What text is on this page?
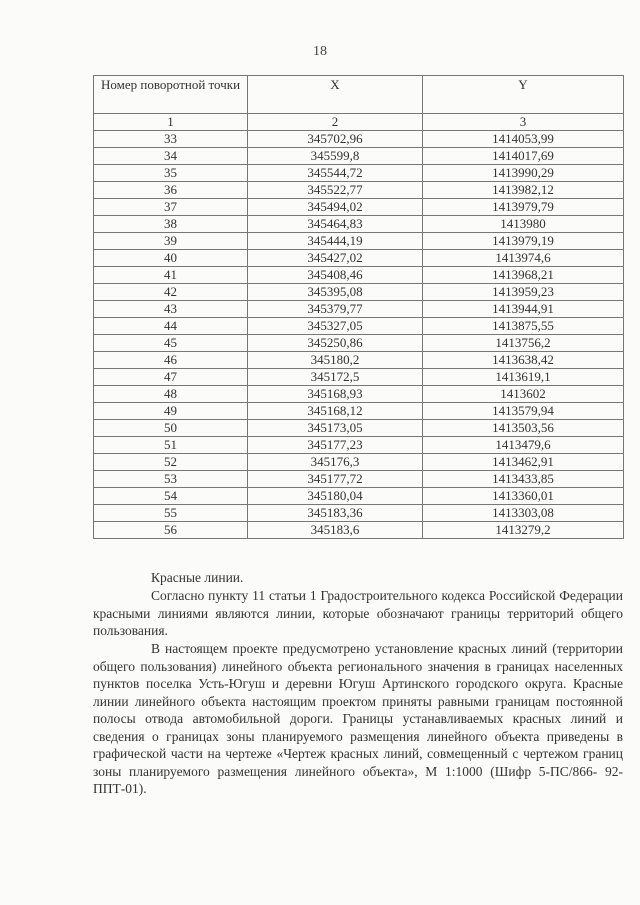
18
Номер поворотной точки	X	Y
1	2	3
33	345702,96	1414053,99
34	345599,8	1414017,69
35	345544,72	1413990,29
36	345522,77	1413982,12
37	345494,02	1413979,79
38	345464,83	1413980
39	345444,19	1413979,19
40	345427,02	1413974,6
41	345408,46	1413968,21
42	345395,08	1413959,23
43	345379,77	1413944,91
44	345327,05	1413875,55
45	345250,86	1413756,2
46	345180,2	1413638,42
47	345172,5	1413619,1
48	345168,93	1413602
49	345168,12	1413579,94
50	345173,05	1413503,56
51	345177,23	1413479,6
52	345176,3	1413462,91
53	345177,72	1413433,85
54	345180,04	1413360,01
55	345183,36	1413303,08
56	345183,6	1413279,2
Красные линии.
Согласно пункту 11 статьи 1 Градостроительного кодекса Российской Федерации красными линиями являются линии, которые обозначают границы территорий общего пользования.
В настоящем проекте предусмотрено установление красных линий (территории общего пользования) линейного объекта регионального значения в границах населенных пунктов поселка Усть-Югуш и деревни Югуш Артинского городского округа. Красные линии линейного объекта настоящим проектом приняты равными границам постоянной полосы отвода автомобильной дороги. Границы устанавливаемых красных линий и сведения о границах зоны планируемого размещения линейного объекта приведены в графической части на чертеже «Чертеж красных линий, совмещенный с чертежом границ зоны планируемого размещения линейного объекта», М 1:1000 (Шифр 5-ПС/866- 92-ППТ-01).
